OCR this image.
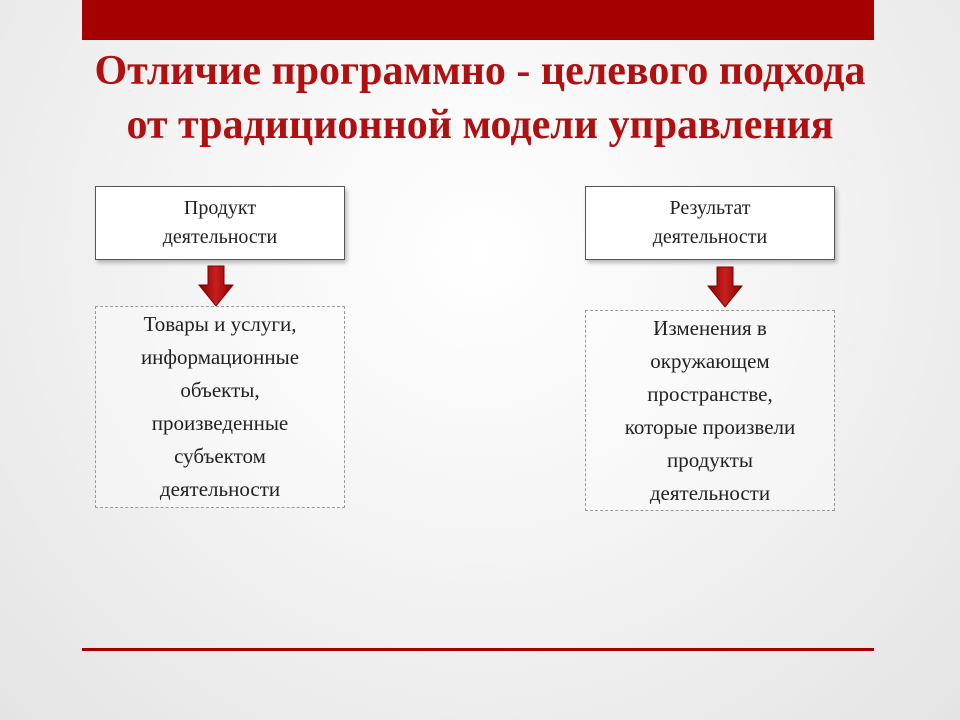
Отличие программно - целевого подхода
от традиционной модели управления
Продукт
деятельности
Товары и услуги,
информационные
объекты,
произведенные
субъектом
деятельности
Результат
деятельности
Изменения в
окружающем
пространстве,
которые произвели
продукты
деятельности
